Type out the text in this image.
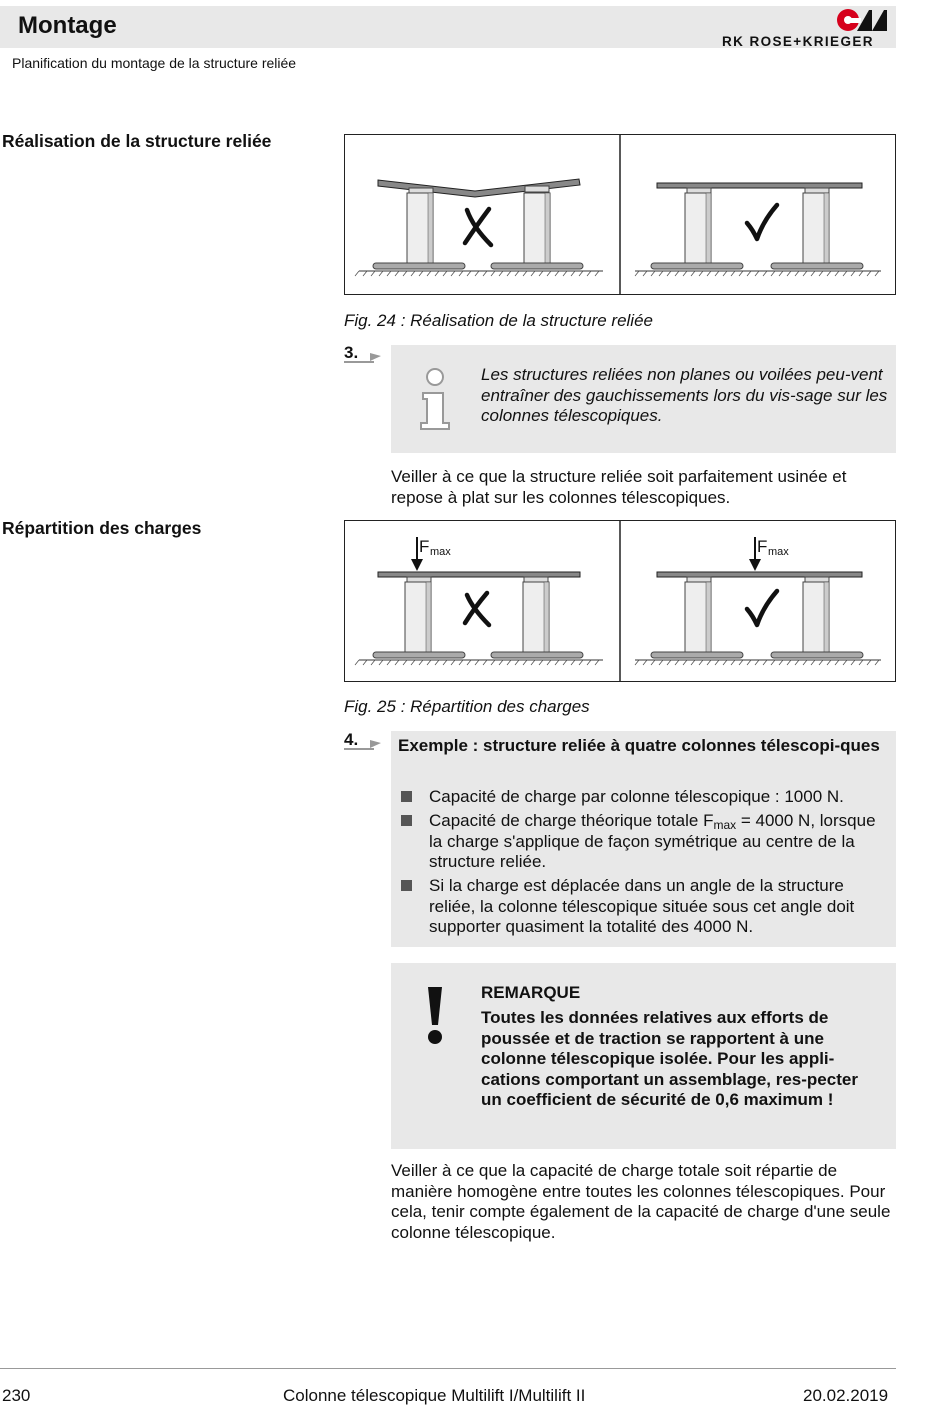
Montage
Planification du montage de la structure reliée
RK ROSE+KRIEGER
Réalisation de la structure reliée
Fig. 24 : Réalisation de la structure reliée
3.
Les structures reliées non planes ou voilées peu-vent entraîner des gauchissements lors du vis-sage sur les colonnes télescopiques.
Veiller à ce que la structure reliée soit parfaitement usinée et repose à plat sur les colonnes télescopiques.
Répartition des charges
F max	F max
Fig. 25 : Répartition des charges
4.	Exemple : structure reliée à quatre colonnes télescopi-ques
Capacité de charge par colonne télescopique : 1000 N.
Capacité de charge théorique totale $F_{max} = 4000$ N, lorsque la charge s'applique de façon symétrique au centre de la structure reliée.
Si la charge est déplacée dans un angle de la structure reliée, la colonne télescopique située sous cet angle doit supporter quasiment la totalité des 4000 N.
REMARQUE
Toutes les données relatives aux efforts de poussée et de traction se rapportent à une colonne télescopique isolée. Pour les appli-cations comportant un assemblage, res-pecter un coefficient de sécurité de 0,6 maximum !
Veiller à ce que la capacité de charge totale soit répartie de manière homogène entre toutes les colonnes télescopiques. Pour cela, tenir compte également de la capacité de charge d'une seule colonne télescopique.
230	Colonne télescopique Multilift I/Multilift II	20.02.2019
